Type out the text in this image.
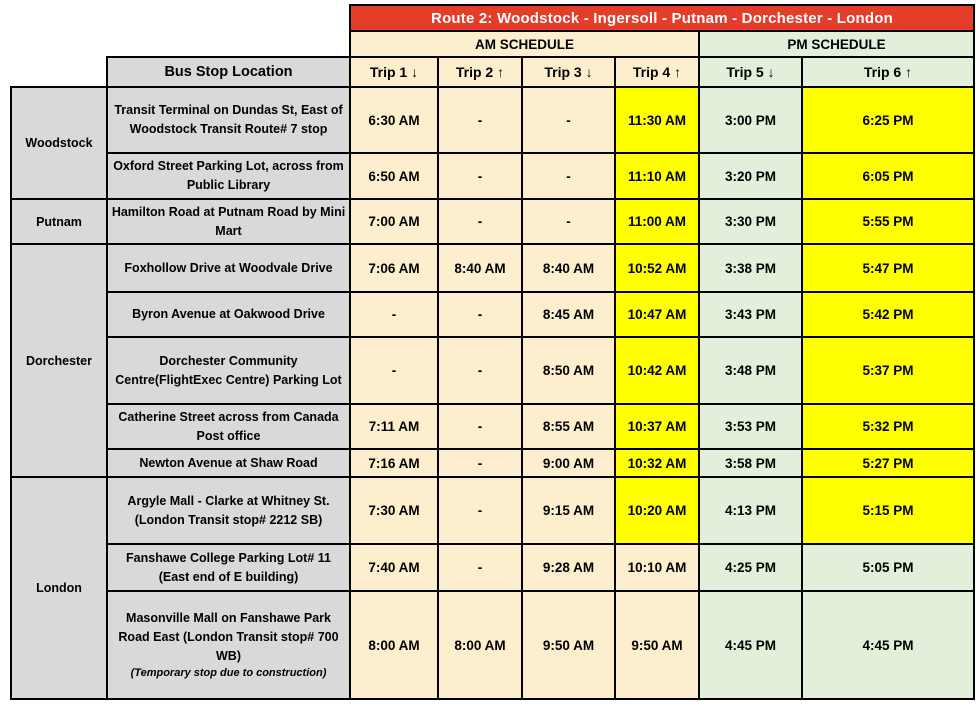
		Route 2: Woodstock - Ingersoll - Putnam - Dorchester - London					
		AM SCHEDULE				PM SCHEDULE	
	Bus Stop Location	Trip 1 ↓	Trip 2 ↑	Trip 3 ↓	Trip 4 ↑	Trip 5 ↓	Trip 6 ↑
Woodstock	Transit Terminal on Dundas St, East of Woodstock Transit Route# 7 stop	6:30 AM	-	-	11:30 AM	3:00 PM	6:25 PM

	Oxford Street Parking Lot, across from Public Library	6:50 AM	-	-	11:10 AM	3:20 PM	6:05 PM
Putnam	Hamilton Road at Putnam Road by Mini Mart	7:00 AM	-	-	11:00 AM	3:30 PM	5:55 PM
Dorchester	Foxhollow Drive at Woodvale Drive	7:06 AM	8:40 AM	8:40 AM	10:52 AM	3:38 PM	5:47 PM

	Byron Avenue at Oakwood Drive	-	-	8:45 AM	10:47 AM	3:43 PM	5:42 PM

	Dorchester Community Centre(FlightExec Centre) Parking Lot	-	-	8:50 AM	10:42 AM	3:48 PM	5:37 PM

	Catherine Street across from Canada Post office	7:11 AM	-	8:55 AM	10:37 AM	3:53 PM	5:32 PM

	Newton Avenue at Shaw Road	7:16 AM	-	9:00 AM	10:32 AM	3:58 PM	5:27 PM
London	Argyle Mall - Clarke at Whitney St. (London Transit stop# 2212 SB)	7:30 AM	-	9:15 AM	10:20 AM	4:13 PM	5:15 PM

	Fanshawe College Parking Lot# 11 (East end of E building)	7:40 AM	-	9:28 AM	10:10 AM	4:25 PM	5:05 PM

	Masonville Mall on Fanshawe Park Road East (London Transit stop# 700 WB)
(Temporary stop due to construction)	8:00 AM	8:00 AM	9:50 AM	9:50 AM	4:45 PM	4:45 PM
